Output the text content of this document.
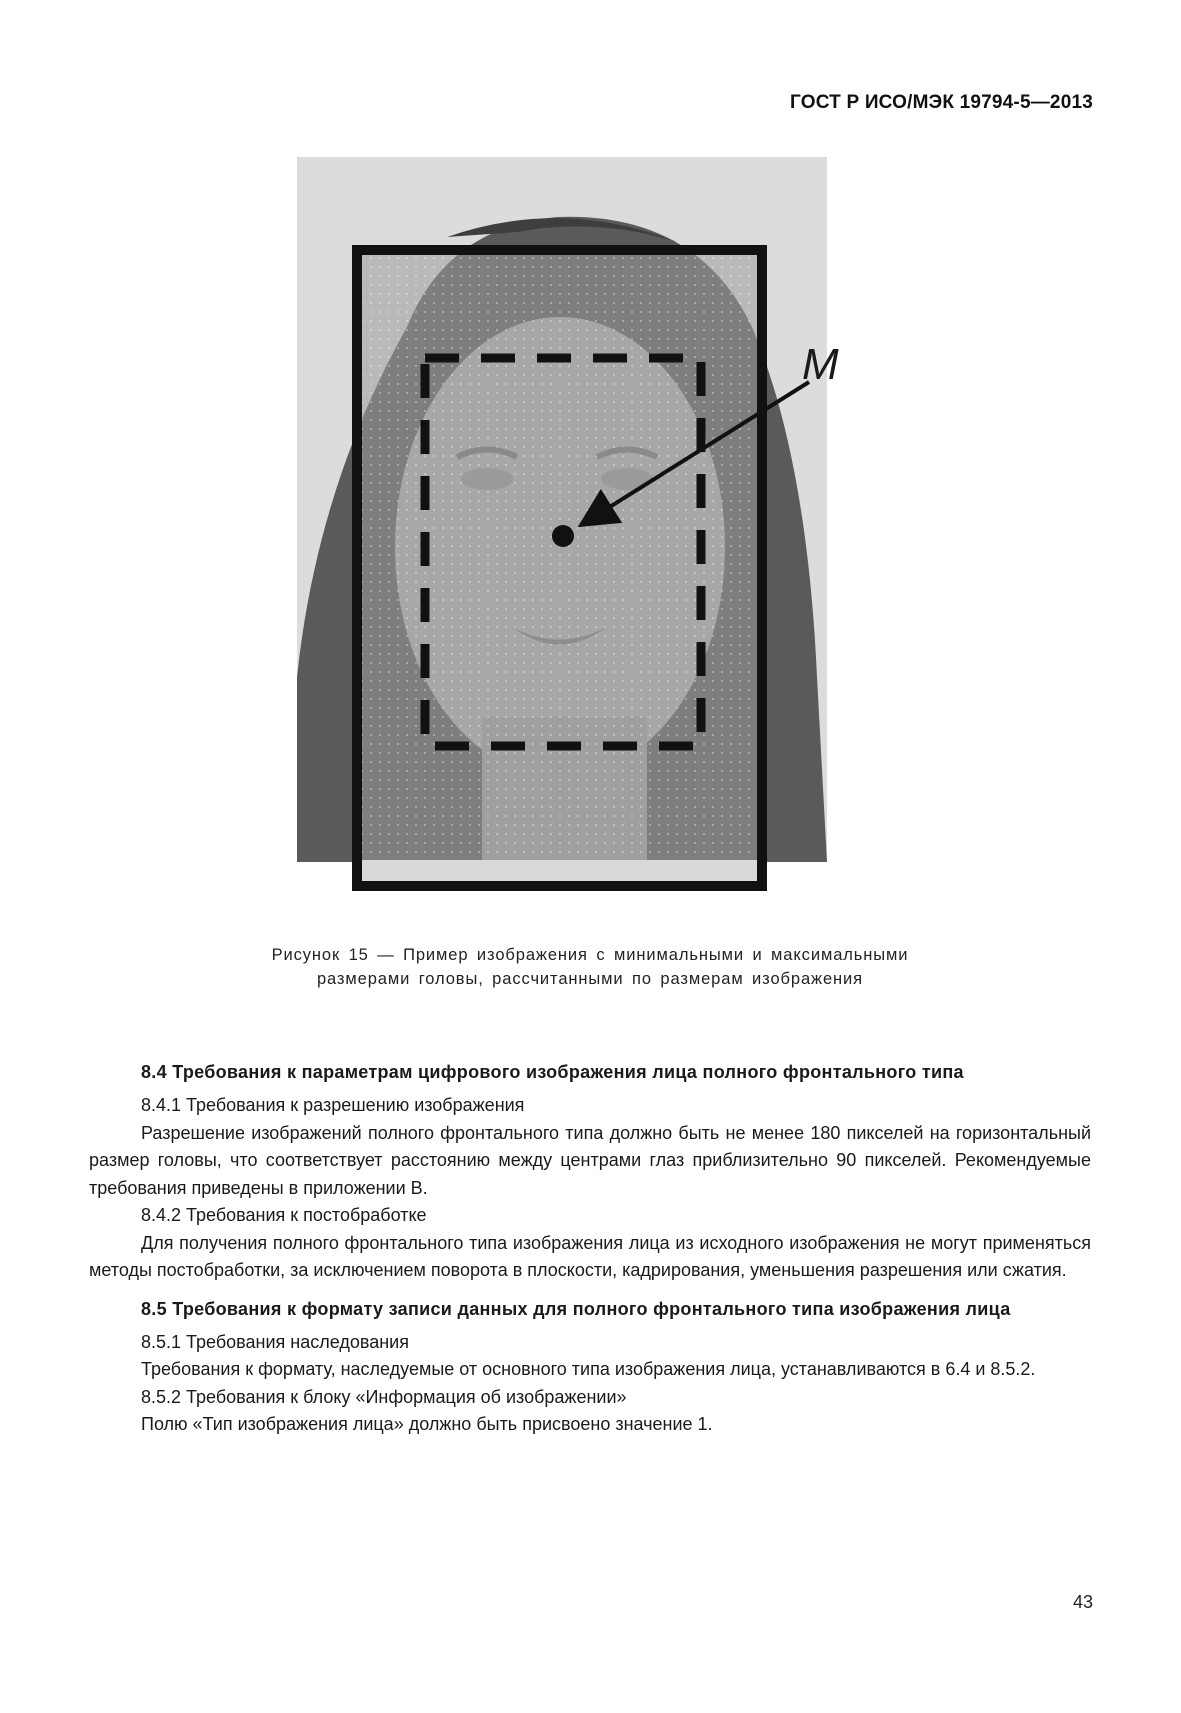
ГОСТ Р ИСО/МЭК 19794-5—2013
M
Рисунок 15 — Пример изображения с минимальными и максимальными
размерами головы, рассчитанными по размерам изображения
8.4 Требования к параметрам цифрового изображения лица полного фронтального типа

8.4.1 Требования к разрешению изображения

Разрешение изображений полного фронтального типа должно быть не менее 180 пикселей на горизонтальный размер головы, что соответствует расстоянию между центрами глаз приблизительно 90 пикселей. Рекомендуемые требования приведены в приложении В.

8.4.2 Требования к постобработке

Для получения полного фронтального типа изображения лица из исходного изображения не могут применяться методы постобработки, за исключением поворота в плоскости, кадрирования, уменьшения разрешения или сжатия.

8.5 Требования к формату записи данных для полного фронтального типа изображения лица

8.5.1 Требования наследования

Требования к формату, наследуемые от основного типа изображения лица, устанавливаются в 6.4 и 8.5.2.

8.5.2 Требования к блоку «Информация об изображении»

Полю «Тип изображения лица» должно быть присвоено значение 1.

43
